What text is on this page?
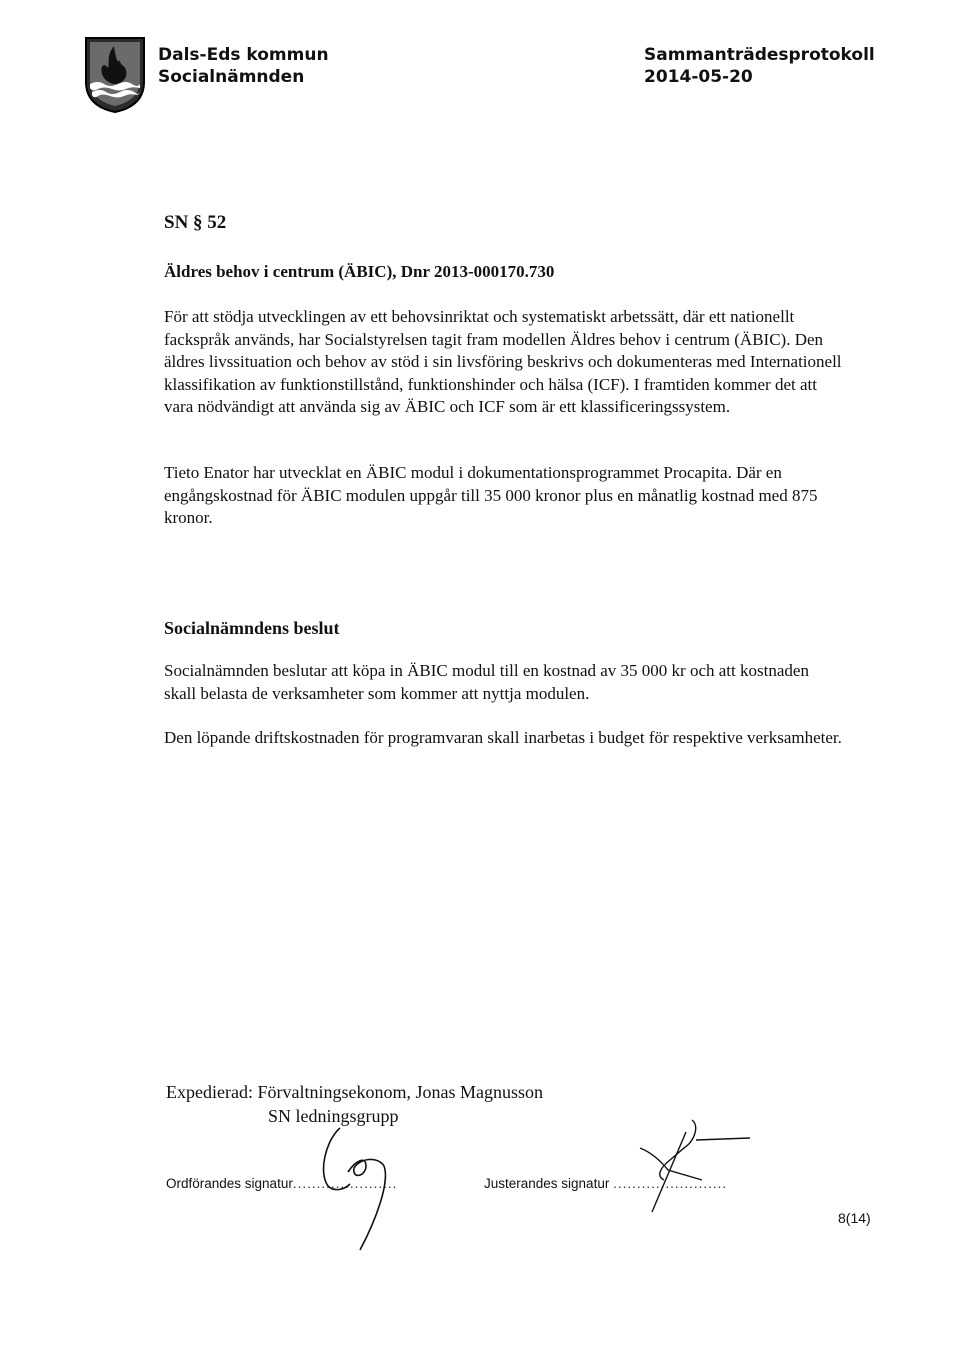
Dals-Eds kommun
Socialnämnden
Sammanträdesprotokoll
2014-05-20
SN § 52
Äldres behov i centrum (ÄBIC), Dnr 2013-000170.730
För att stödja utvecklingen av ett behovsinriktat och systematiskt arbetssätt, där ett nationellt fackspråk används, har Socialstyrelsen tagit fram modellen Äldres behov i centrum (ÄBIC). Den äldres livssituation och behov av stöd i sin livsföring beskrivs och dokumenteras med Internationell klassifikation av funktionstillstånd, funktionshinder och hälsa (ICF). I framtiden kommer det att vara nödvändigt att använda sig av ÄBIC och ICF som är ett klassificeringssystem.
Tieto Enator har utvecklat en ÄBIC modul i dokumentationsprogrammet Procapita. Där en engångskostnad för ÄBIC modulen uppgår till 35 000 kronor plus en månatlig kostnad med 875 kronor.
Socialnämndens beslut
Socialnämnden beslutar att köpa in ÄBIC modul till en kostnad av 35 000 kr och att kostnaden skall belasta de verksamheter som kommer att nyttja modulen.
Den löpande driftskostnaden för programvaran skall inarbetas i budget för respektive verksamheter.
Expedierad: Förvaltningsekonom, Jonas Magnusson
SN ledningsgrupp
Ordförandes signatur......................	Justerandes signatur ........................
8(14)
